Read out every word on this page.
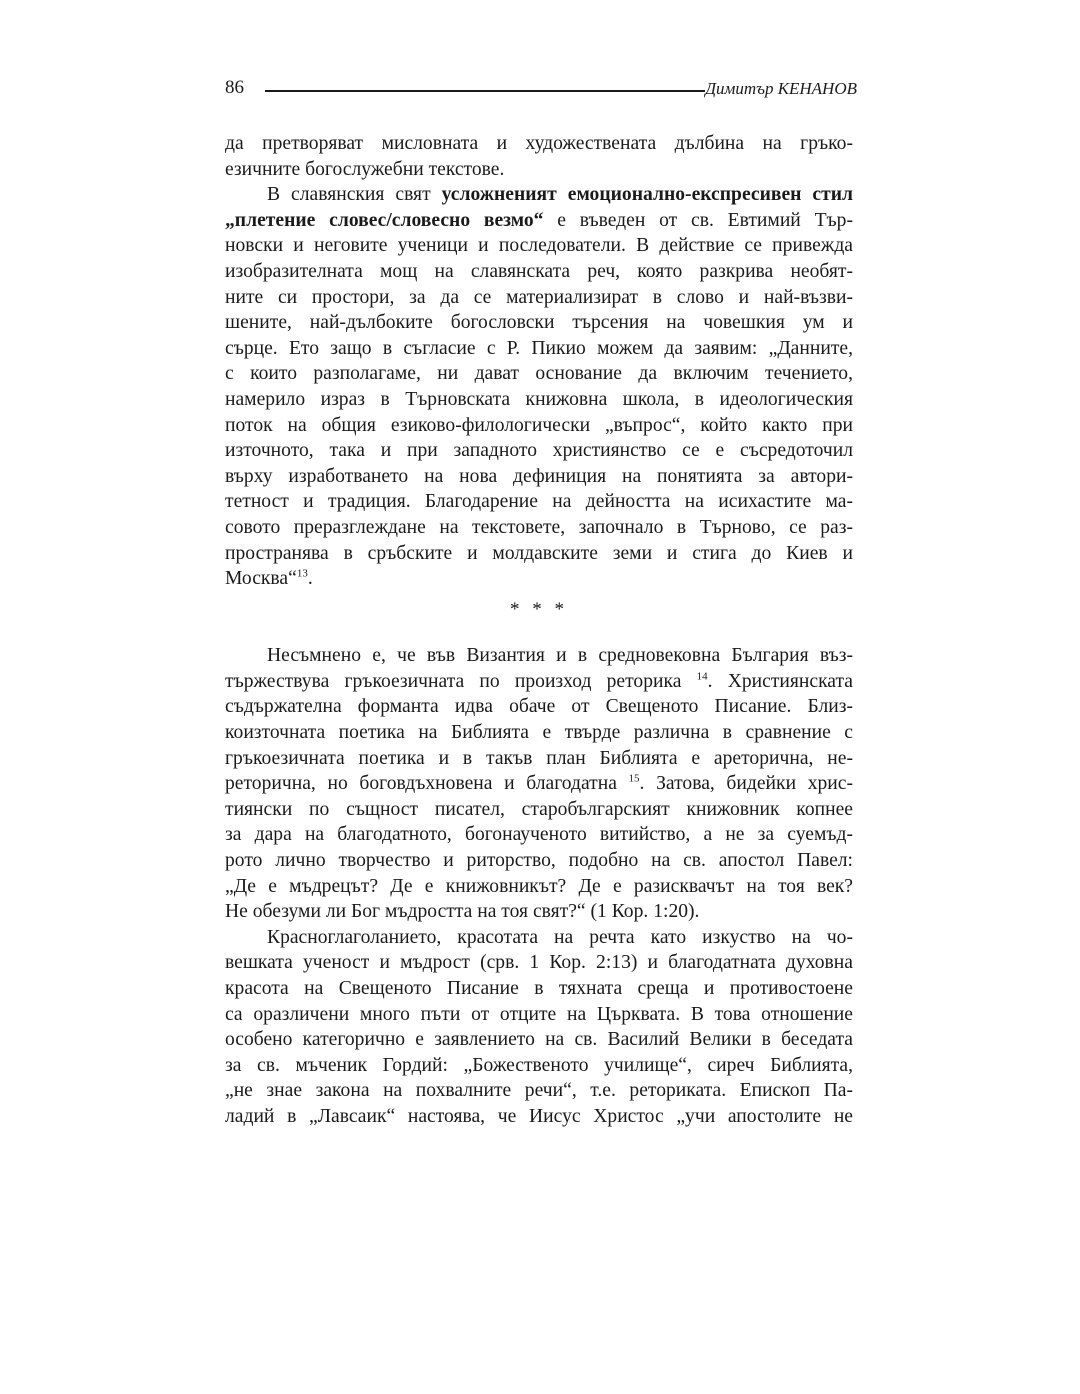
86	Димитър КЕНАНОВ

да претворяват мисловната и художествената дълбина на гръко-
езичните богослужебни текстове.

В славянския свят усложненият емоционално-експресивен стил
„плетение словес/словесно везмо“ е въведен от св. Евтимий Тър-
новски и неговите ученици и последователи. В действие се привежда
изобразителната мощ на славянската реч, която разкрива необят-
ните си простори, за да се материализират в слово и най-възви-
шените, най-дълбоките богословски търсения на човешкия ум и
сърце. Ето защо в съгласие с Р. Пикио можем да заявим: „Данните,
с които разполагаме, ни дават основание да включим течението,
намерило израз в Търновската книжовна школа, в идеологическия
поток на общия езиково-филологически „въпрос“, който както при
източното, така и при западното християнство се е съсредоточил
върху изработването на нова дефиниция на понятията за автори-
тетност и традиция. Благодарение на дейността на исихастите ма-
совото преразглеждане на текстовете, започнало в Търново, се раз-
пространява в сръбските и молдавските земи и стига до Киев и
Москва“$^{13}$.

* * *

Несъмнено е, че във Византия и в средновековна България въз-
тържествува гръкоезичната по произход реторика $^{14}$. Християнската
съдържателна форманта идва обаче от Свещеното Писание. Близ-
коизточната поетика на Библията е твърде различна в сравнение с
гръкоезичната поетика и в такъв план Библията е ареторична, не-
реторична, но боговдъхновена и благодатна $^{15}$. Затова, бидейки хрис-
тиянски по същност писател, старобългарският книжовник копнее
за дара на благодатното, богонаученото витийство, а не за суемъд-
рото лично творчество и риторство, подобно на св. апостол Павел:
„Де е мъдрецът? Де е книжовникът? Де е разисквачът на тоя век?
Не обезуми ли Бог мъдростта на тоя свят?“ (1 Кор. 1:20).

Красноглаголанието, красотата на речта като изкуство на чо-
вешката ученост и мъдрост (срв. 1 Кор. 2:13) и благодатната духовна
красота на Свещеното Писание в тяхната среща и противостоене
са оразличени много пъти от отците на Църквата. В това отношение
особено категорично е заявлението на св. Василий Велики в беседата
за св. мъченик Гордий: „Божественото училище“, сиреч Библията,
„не знае закона на похвалните речи“, т.е. реториката. Епископ Па-
ладий в „Лавсаик“ настоява, че Иисус Христос „учи апостолите не
